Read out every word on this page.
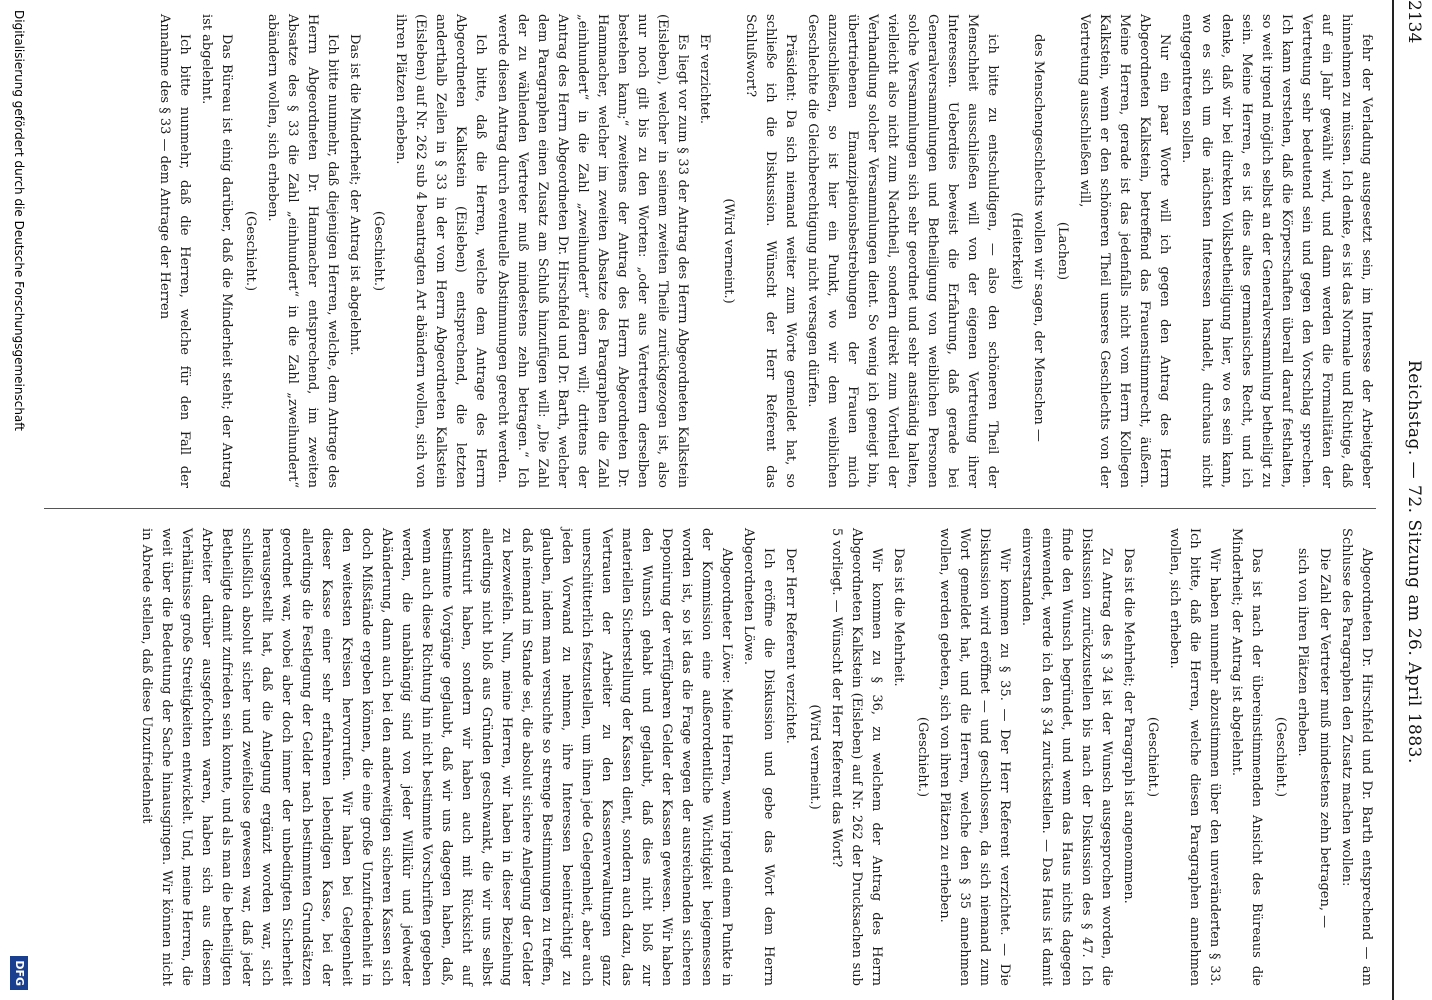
2134
Reichstag. — 72. Sitzung am 26. April 1883.

fehr der Verladung ausgesetzt sein, im Interesse der Arbeitgeber hinnehmen zu müssen. Ich denke, es ist das Normale und Richtige, daß auf ein Jahr gewählt wird, und dann werden die Formalitäten der Vertretung sehr bedeutend sein und gegen den Vorschlag sprechen. Ich kann verstehen, daß die Körperschaften überall darauf festhalten, so weit irgend möglich selbst an der Generalversammlung betheiligt zu sein. Meine Herren, es ist dies altes germanisches Recht, und ich denke, daß wir bei direkten Volksbetheiligung hier, wo es sein kann, wo es sich um die nächsten Interessen handelt, durchaus nicht entgegentreten sollen.

Nur ein paar Worte will ich gegen den Antrag des Herrn Abgeordneten Kalkstein, betreffend das Frauenstimmrecht, äußern. Meine Herren, gerade ist das jedenfalls nicht vom Herrn Kollegen Kalkstein, wenn er den schöneren Theil unseres Geschlechts von der Vertretung ausschließen will,

(Lachen)

des Menschengeschlechts wollen wir sagen, der Menschen —

(Heiterkeit)

ich bitte zu entschuldigen, — also den schöneren Theil der Menschheit ausschließen will von der eigenen Vertretung ihrer Interessen. Ueberdies beweist die Erfahrung, daß gerade bei Generalversammlungen und Betheiligung von weiblichen Personen solche Versammlungen sich sehr geordnet und sehr anständig halten, vielleicht also nicht zum Nachtheil, sondern direkt zum Vortheil der Verhandlung solcher Versammlungen dient. So wenig ich geneigt bin, übertriebenen Emanzipationsbestrebungen der Frauen mich anzuschließen, so ist hier ein Punkt, wo wir dem weiblichen Geschlechte die Gleichberechtigung nicht versagen dürfen.

Präsident: Da sich niemand weiter zum Worte gemeldet hat, so schließe ich die Diskussion. Wünscht der Herr Referent das Schlußwort?

(Wird verneint.)

Er verzichtet.

Es liegt vor zum § 33 der Antrag des Herrn Abgeordneten Kalkstein (Eisleben), welcher in seinem zweiten Theile zurückgezogen ist, also nur noch gilt bis zu den Worten: „oder aus Vertretern derselben bestehen kann;“ zweitens der Antrag des Herrn Abgeordneten Dr. Hammacher, welcher im zweiten Absatze des Paragraphen die Zahl „einhundert“ in die Zahl „zweihundert“ ändern will; drittens der Antrag des Herrn Abgeordneten Dr. Hirschfeld und Dr. Barth, welcher dem Paragraphen einen Zusatz am Schluß hinzufügen will: „Die Zahl der zu wählenden Vertreter muß mindestens zehn betragen.“ Ich werde diesen Antrag durch eventuelle Abstimmungen gerecht werden.

Ich bitte, daß die Herren, welche dem Antrage des Herrn Abgeordneten Kalkstein (Eisleben) entsprechend, die letzten anderthalb Zeilen in § 33 in der vom Herrn Abgeordneten Kalkstein (Eisleben) auf Nr. 262 sub 4 beantragten Art abändern wollen, sich von ihren Plätzen erheben.

(Geschieht.)

Das ist die Minderheit; der Antrag ist abgelehnt.

Ich bitte nunmehr, daß diejenigen Herren, welche, dem Antrage des Herrn Abgeordneten Dr. Hammacher entsprechend, im zweiten Absatze des § 33 die Zahl „einhundert“ in die Zahl „zweihundert“ abändern wollen, sich erheben.

(Geschieht.)

Das Büreau ist einig darüber, daß die Minderheit steht; der Antrag ist abgelehnt.

Ich bitte nunmehr, daß die Herren, welche für den Fall der Annahme des § 33 — dem Antrage der Herren

Abgeordneten Dr. Hirschfeld und Dr. Barth entsprechend — am Schlusse des Paragraphen den Zusatz machen wollen:

Die Zahl der Vertreter muß mindestens zehn betragen, —

sich von ihren Plätzen erheben.

(Geschieht.)

Das ist nach der übereinstimmenden Ansicht des Büreaus die Minderheit; der Antrag ist abgelehnt.

Wir haben nunmehr abzustimmen über den unveränderten § 33. Ich bitte, daß die Herren, welche diesen Paragraphen annehmen wollen, sich erheben.

(Geschieht.)

Das ist die Mehrheit; der Paragraph ist angenommen.

Zu Antrag des § 34 ist der Wunsch ausgesprochen worden, die Diskussion zurückzustellen bis nach der Diskussion des § 47. Ich finde den Wunsch begründet, und wenn das Haus nichts dagegen einwendet, werde ich den § 34 zurückstellen. — Das Haus ist damit einverstanden.

Wir kommen zu § 35. — Der Herr Referent verzichtet. — Die Diskussion wird eröffnet — und geschlossen, da sich niemand zum Wort gemeldet hat, und die Herren, welche den § 35 annehmen wollen, werden gebeten, sich von ihren Plätzen zu erheben.

(Geschieht.)

Das ist die Mehrheit.

Wir kommen zu § 36, zu welchem der Antrag des Herrn Abgeordneten Kalkstein (Eisleben) auf Nr. 262 der Drucksachen sub 5 vorliegt. — Wünscht der Herr Referent das Wort?

(Wird verneint.)

Der Herr Referent verzichtet.

Ich eröffne die Diskussion und gebe das Wort dem Herrn Abgeordneten Löwe.

Abgeordneter Löwe: Meine Herren, wenn irgend einem Punkte in der Kommission eine außerordentliche Wichtigkeit beigemessen worden ist, so ist das die Frage wegen der ausreichenden sicheren Deponirung der verfügbaren Gelder der Kassen gewesen. Wir haben den Wunsch gehabt und geglaubt, daß dies nicht bloß zur materiellen Sicherstellung der Kassen dient, sondern auch dazu, das Vertrauen der Arbeiter zu den Kassenverwaltungen ganz unerschütterlich festzustellen, um ihnen jede Gelegenheit, aber auch jeden Vorwand zu nehmen, ihre Interessen beeinträchtigt zu glauben, indem man versuchte so strenge Bestimmungen zu treffen, daß niemand im Stande sei, die absolut sichere Anlegung der Gelder zu bezweifeln. Nun, meine Herren, wir haben in dieser Beziehung allerdings nicht bloß aus Gründen geschwankt, die wir uns selbst konstruirt haben, sondern wir haben auch mit Rücksicht auf bestimmte Vorgänge geglaubt, daß wir uns dagegen haben, daß, wenn auch diese Richtung hin nicht bestimmte Vorschriften gegeben werden, die unabhängig sind von jeder Willkür und jedweder Abänderung, dann auch bei den anderweitigen sicheren Kassen sich doch Mißstände ergeben können, die eine große Unzufriedenheit in den weitesten Kreisen hervorrufen. Wir haben bei Gelegenheit dieser Kasse einer sehr erfahrenen lebendigen Kasse, bei der allerdings die Festlegung der Gelder nach bestimmten Grundsätzen geordnet war, wobei aber doch immer der unbedingten Sicherheit herausgestellt hat, daß die Anlegung ergänzt worden war, sich schließlich absolut sicher und zweifellose gewesen war, daß jeder Betheiligte damit zufrieden sein konnte, und als man die betheiligten Arbeiter darüber ausgefochten waren, haben sich aus diesem Verhältnisse große Streitigkeiten entwickelt. Und, meine Herren, die weit über die Bedeutung der Sache hinausgingen. Wir können nicht in Abrede stellen, daß diese Unzufriedenheit

Digitalisierung gefördert durch die Deutsche Forschungsgemeinschaft
DFG
